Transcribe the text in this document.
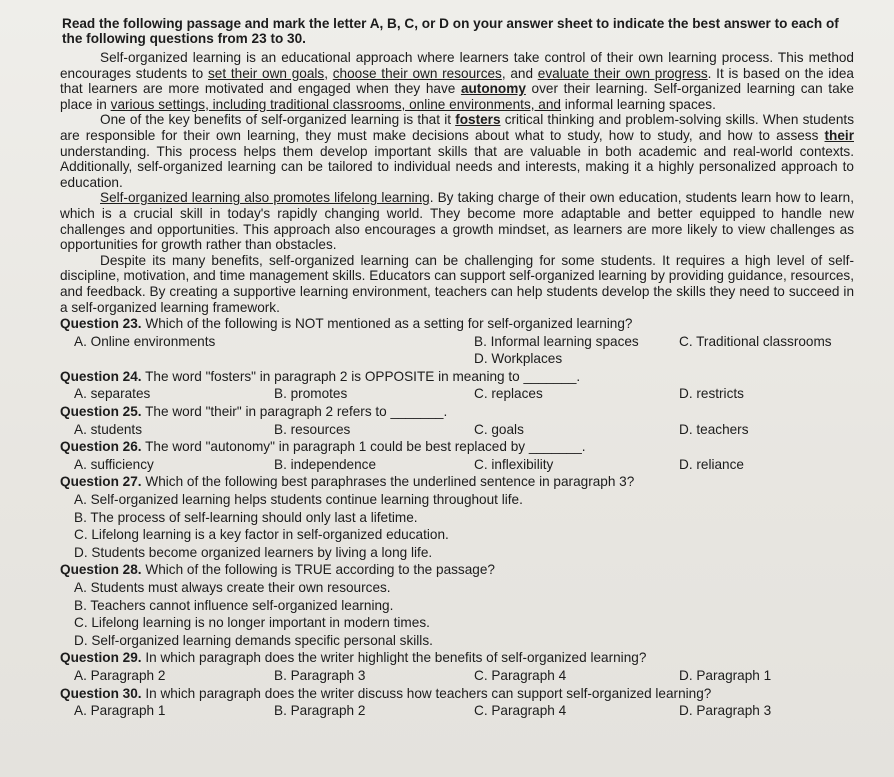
Read the following passage and mark the letter A, B, C, or D on your answer sheet to indicate the best answer to each of the following questions from 23 to 30.

Self-organized learning is an educational approach where learners take control of their own learning process. This method encourages students to set their own goals, choose their own resources, and evaluate their own progress. It is based on the idea that learners are more motivated and engaged when they have autonomy over their learning. Self-organized learning can take place in various settings, including traditional classrooms, online environments, and informal learning spaces.

One of the key benefits of self-organized learning is that it fosters critical thinking and problem-solving skills. When students are responsible for their own learning, they must make decisions about what to study, how to study, and how to assess their understanding. This process helps them develop important skills that are valuable in both academic and real-world contexts. Additionally, self-organized learning can be tailored to individual needs and interests, making it a highly personalized approach to education.

Self-organized learning also promotes lifelong learning. By taking charge of their own education, students learn how to learn, which is a crucial skill in today's rapidly changing world. They become more adaptable and better equipped to handle new challenges and opportunities. This approach also encourages a growth mindset, as learners are more likely to view challenges as opportunities for growth rather than obstacles.

Despite its many benefits, self-organized learning can be challenging for some students. It requires a high level of self-discipline, motivation, and time management skills. Educators can support self-organized learning by providing guidance, resources, and feedback. By creating a supportive learning environment, teachers can help students develop the skills they need to succeed in a self-organized learning framework.

Question 23. Which of the following is NOT mentioned as a setting for self-organized learning?
A. Online environments	B. Informal learning spaces	C. Traditional classrooms
D. Workplaces
Question 24. The word "fosters" in paragraph 2 is OPPOSITE in meaning to _______.
A. separates	B. promotes	C. replaces	D. restricts
Question 25. The word "their" in paragraph 2 refers to _______.
A. students	B. resources	C. goals	D. teachers
Question 26. The word "autonomy" in paragraph 1 could be best replaced by _______.
A. sufficiency	B. independence	C. inflexibility	D. reliance
Question 27. Which of the following best paraphrases the underlined sentence in paragraph 3?
A. Self-organized learning helps students continue learning throughout life.
B. The process of self-learning should only last a lifetime.
C. Lifelong learning is a key factor in self-organized education.
D. Students become organized learners by living a long life.
Question 28. Which of the following is TRUE according to the passage?
A. Students must always create their own resources.
B. Teachers cannot influence self-organized learning.
C. Lifelong learning is no longer important in modern times.
D. Self-organized learning demands specific personal skills.
Question 29. In which paragraph does the writer highlight the benefits of self-organized learning?
A. Paragraph 2	B. Paragraph 3	C. Paragraph 4	D. Paragraph 1
Question 30. In which paragraph does the writer discuss how teachers can support self-organized learning?
A. Paragraph 1	B. Paragraph 2	C. Paragraph 4	D. Paragraph 3
